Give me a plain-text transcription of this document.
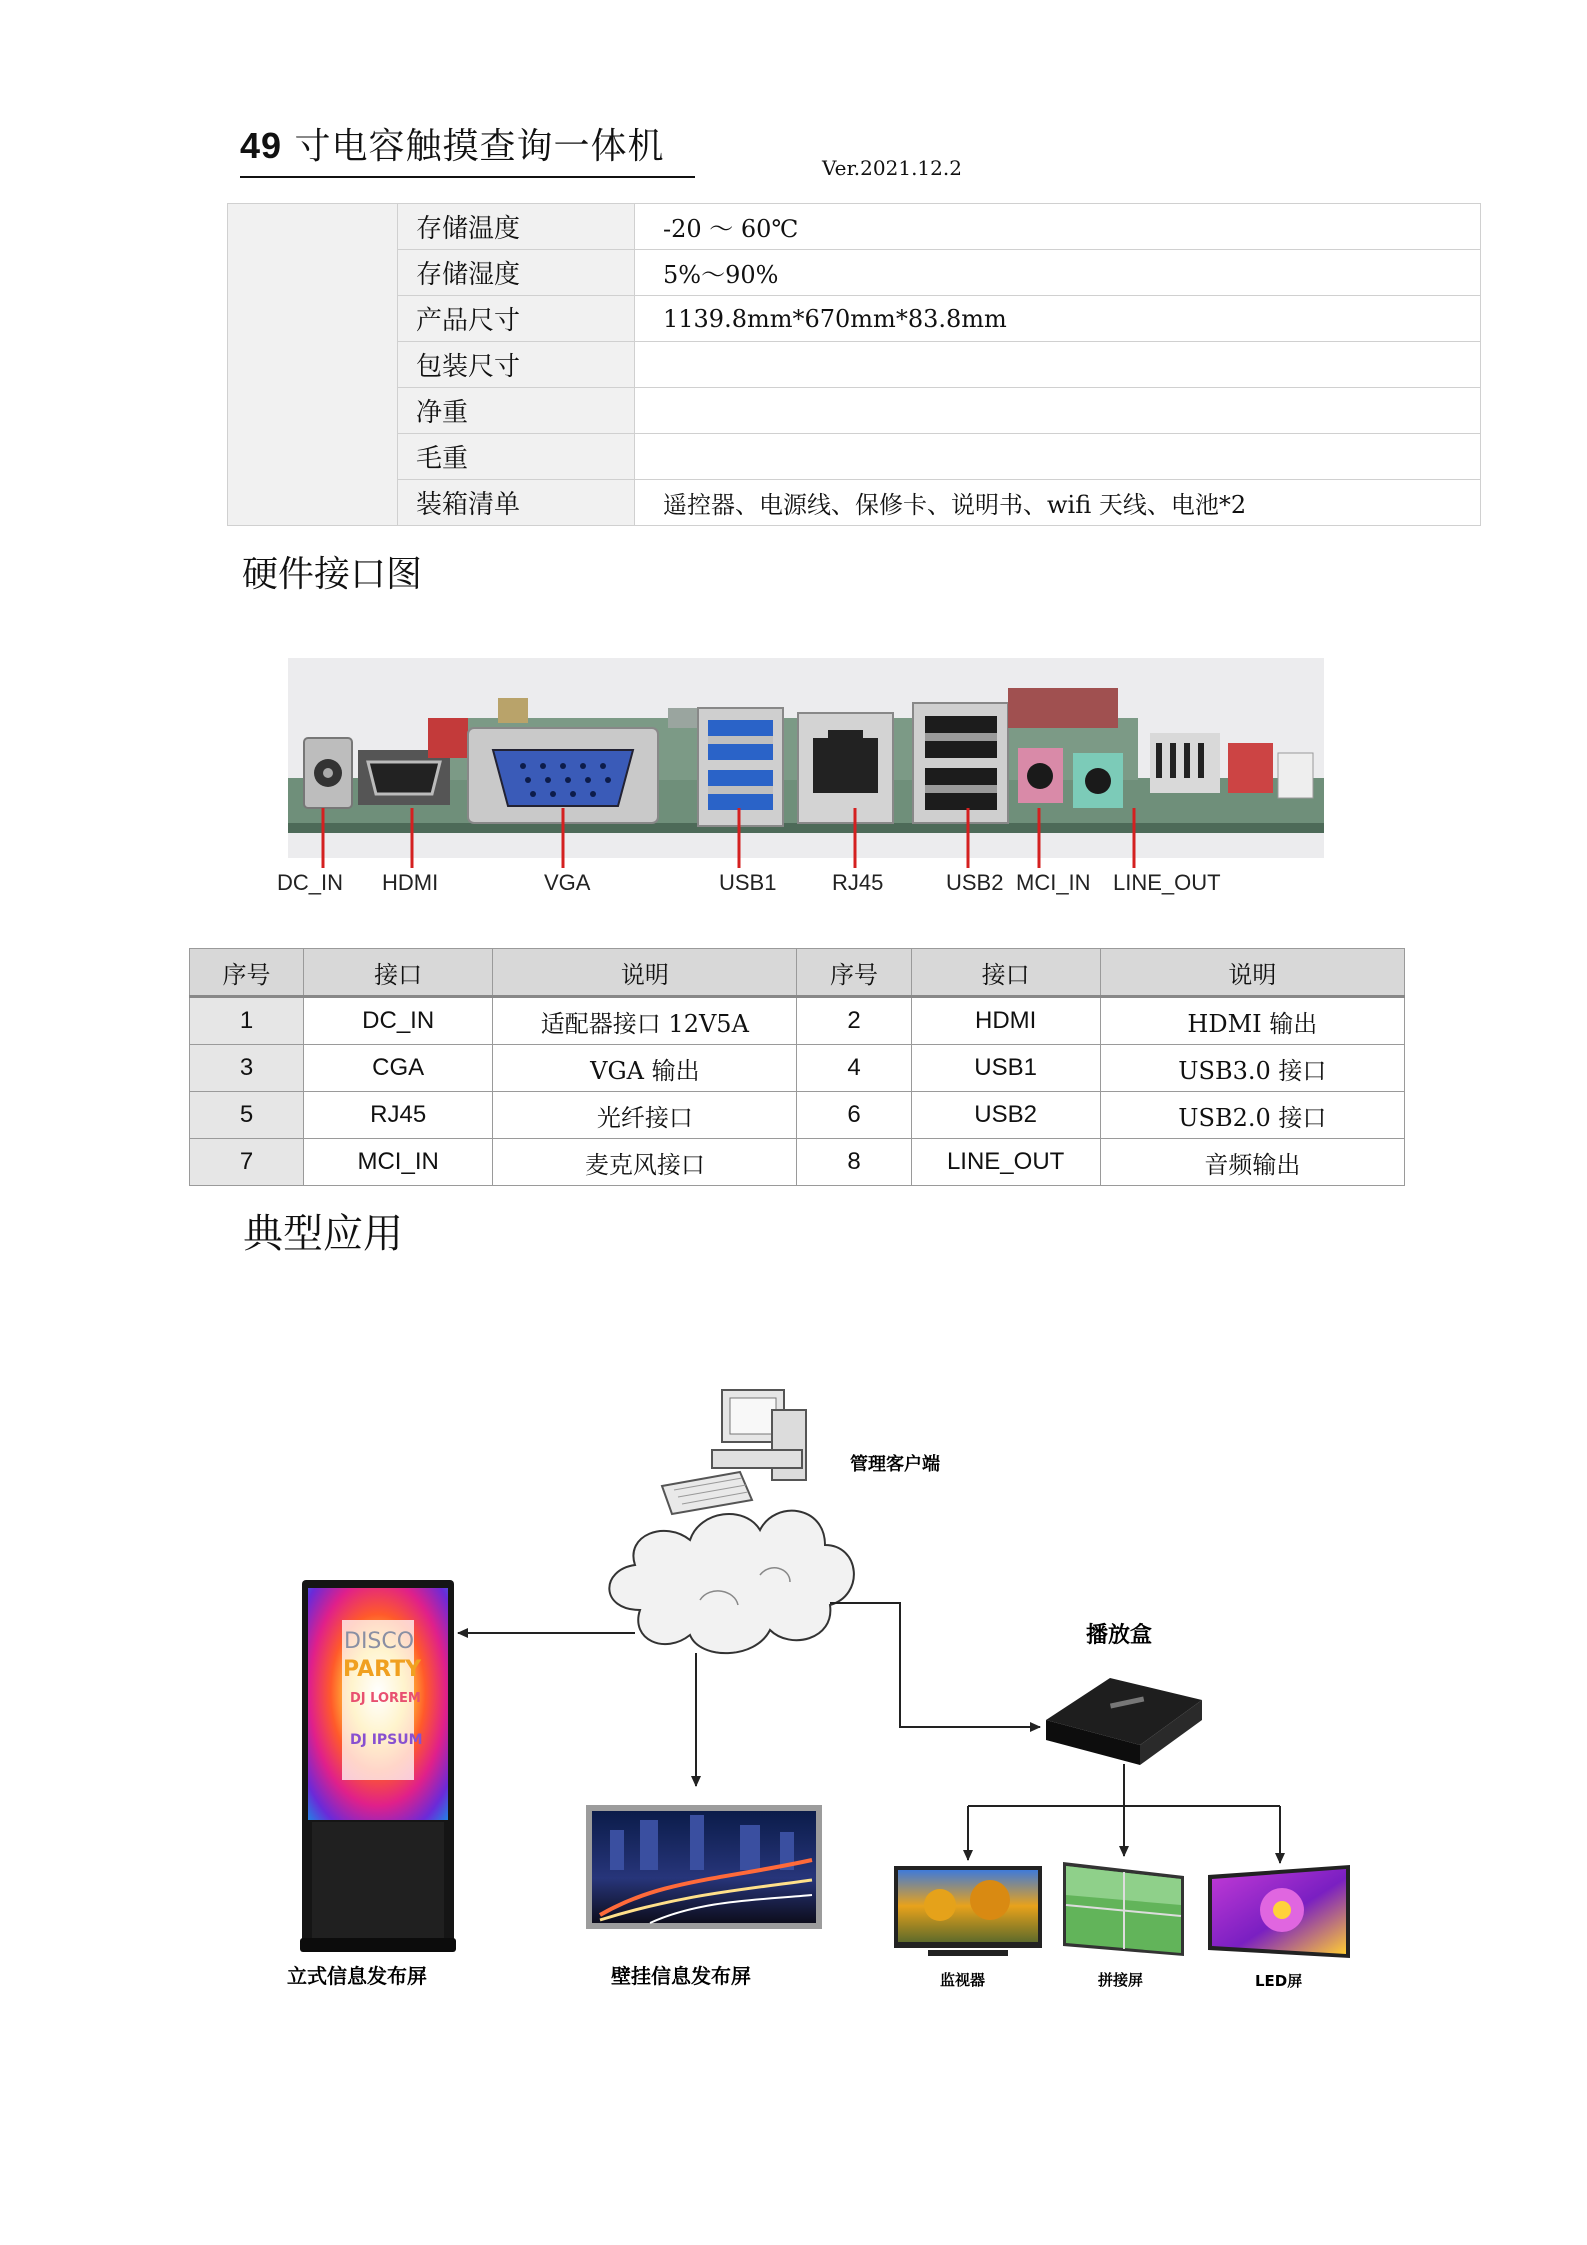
49 寸电容触摸查询一体机
Ver.2021.12.2
	存储温度	-20 ～ 60℃
	存储湿度	5%～90%
	产品尺寸	1139.8mm*670mm*83.8mm
	包装尺寸	
	净重	
	毛重	
	装箱清单	遥控器、电源线、保修卡、说明书、wifi 天线、电池*2
硬件接口图
DC_IN HDMI	VGA	USB1	RJ45	USB2 MCI_IN LINE_OUT
序号	接口	说明	序号	接口	说明
1	DC_IN	适配器接口 12V5A	2	HDMI	HDMI 输出
3	CGA	VGA 输出	4	USB1	USB3.0 接口
5	RJ45	光纤接口	6	USB2	USB2.0 接口
7	MCI_IN	麦克风接口	8	LINE_OUT	音频输出
典型应用
DISCO
PARTY
DJ LOREM
DJ IPSUM
管理客户端
播放盒
立式信息发布屏	壁挂信息发布屏	监视器	拼接屏	LED屏
